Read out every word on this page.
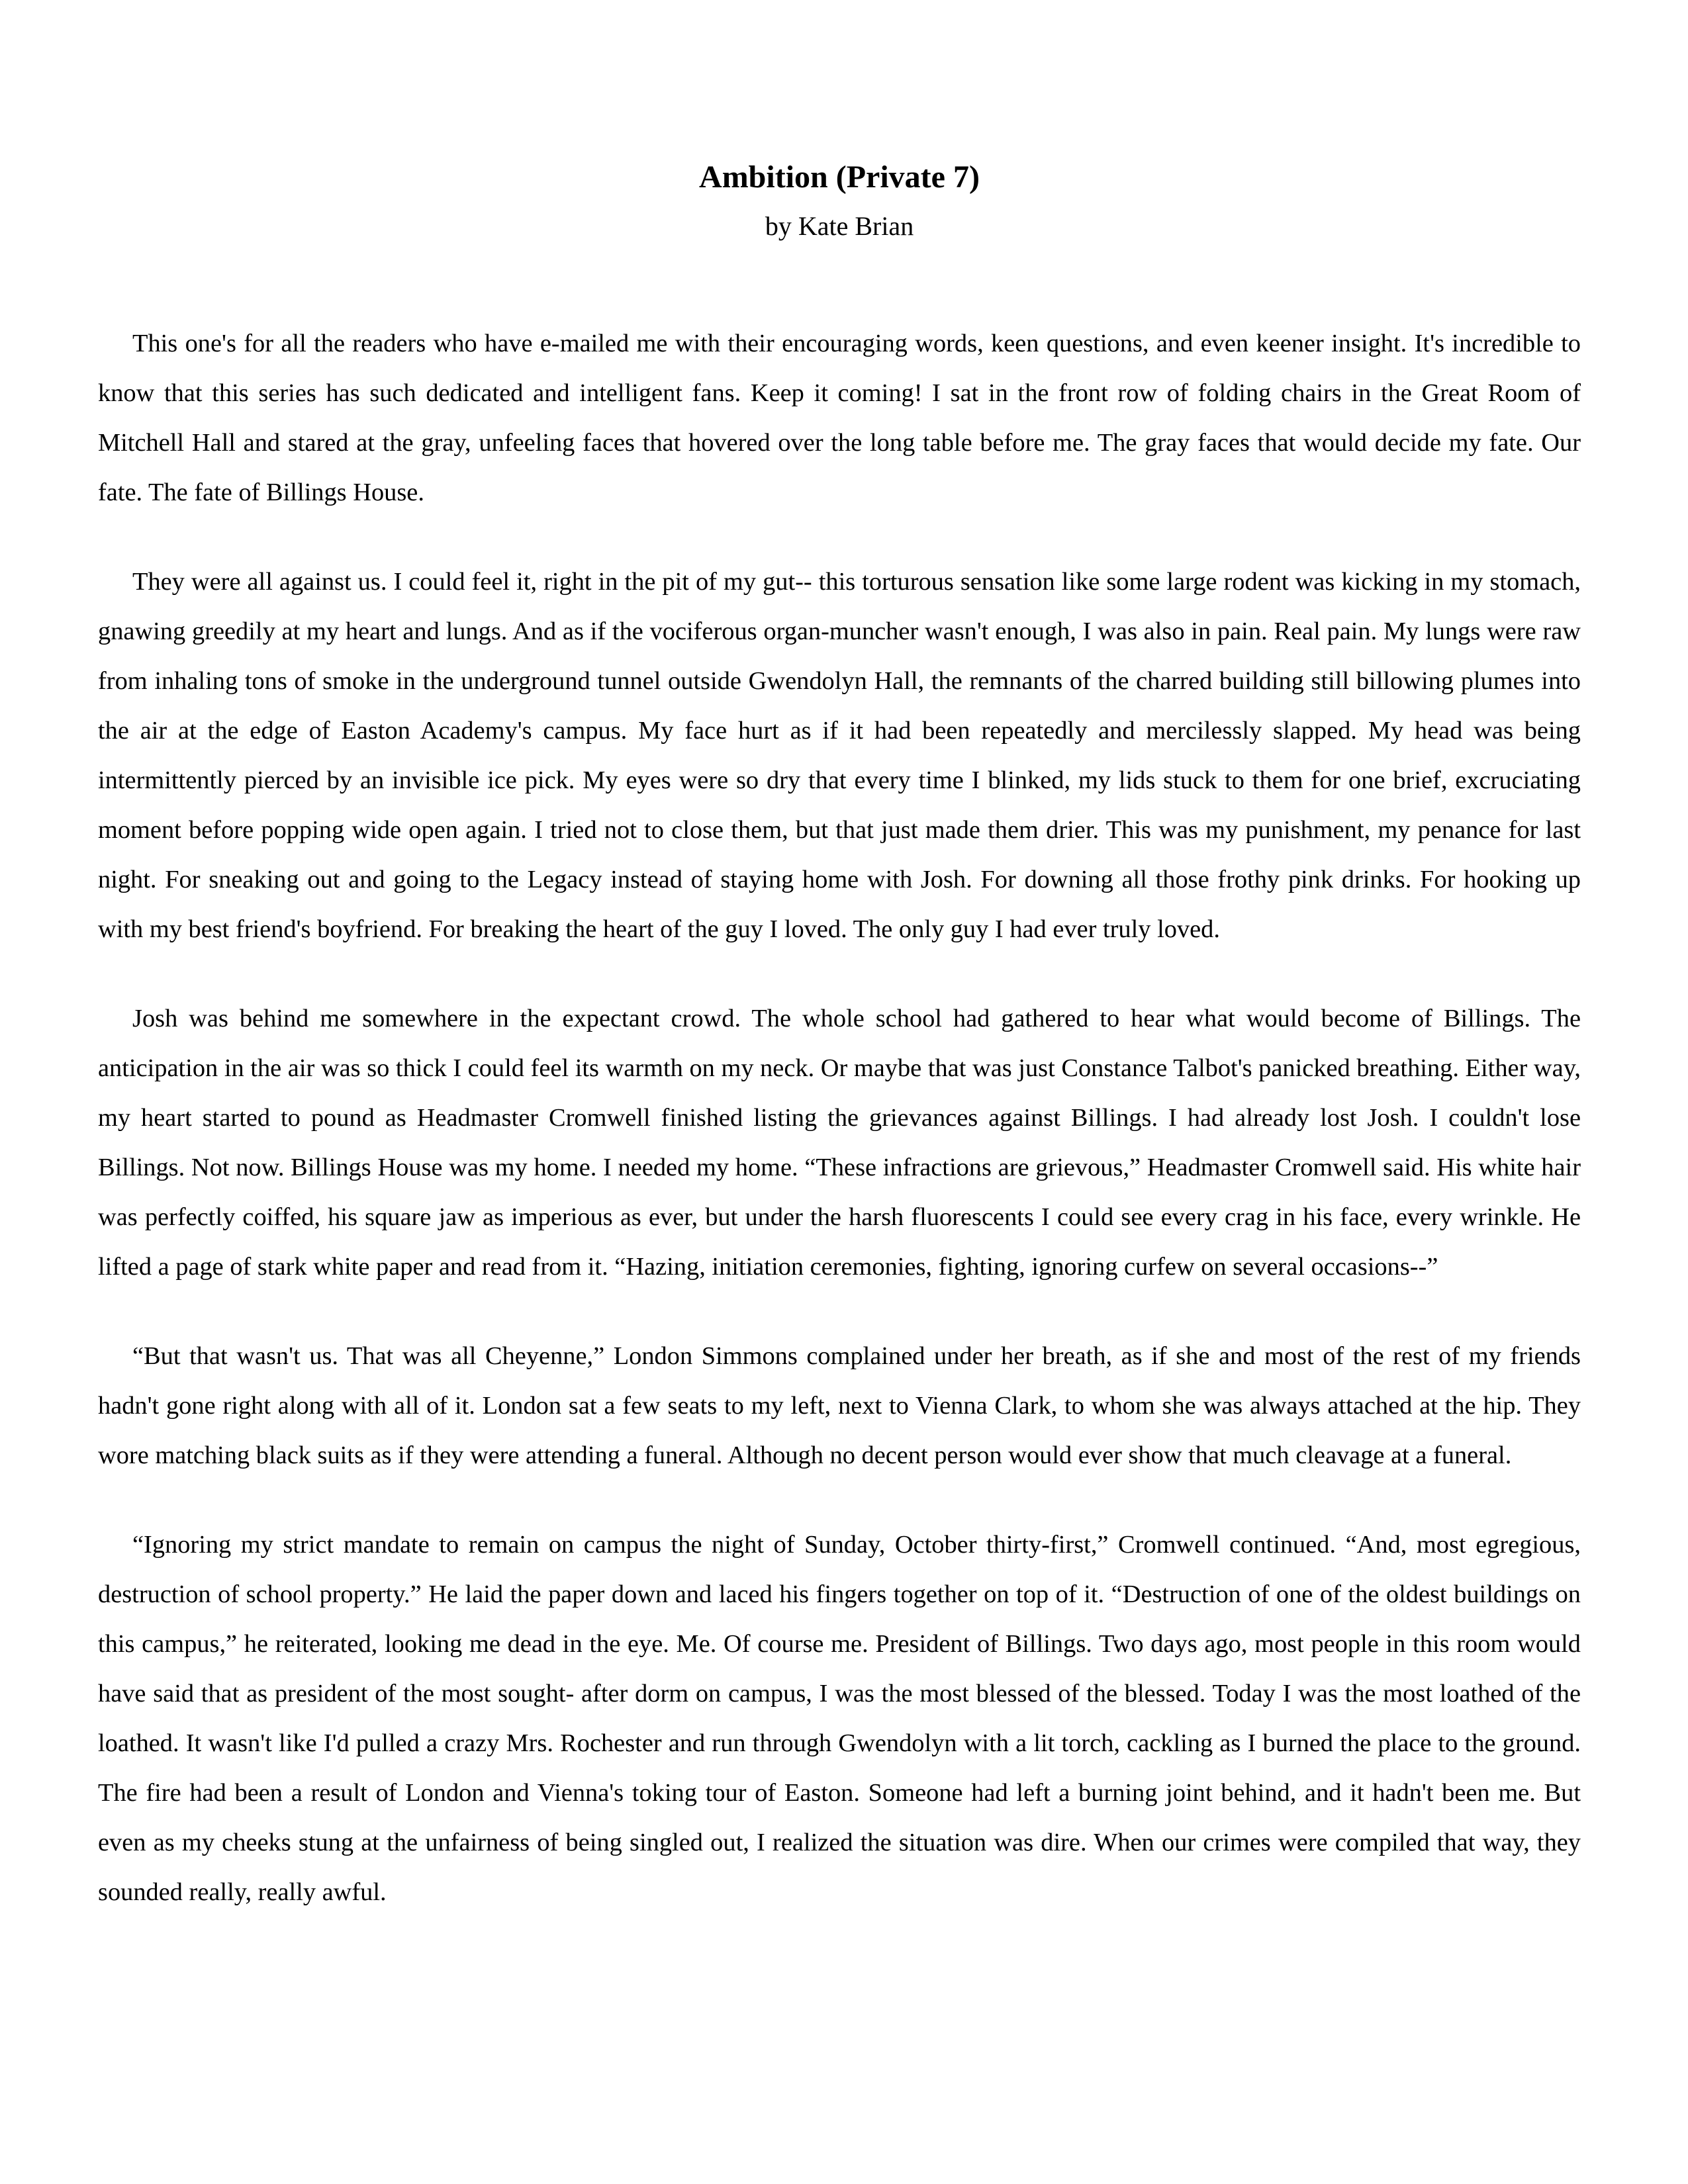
Ambition (Private 7)

by Kate Brian

This one's for all the readers who have e-mailed me with their encouraging words, keen questions, and even keener insight. It's incredible to know that this series has such dedicated and intelligent fans. Keep it coming! I sat in the front row of folding chairs in the Great Room of Mitchell Hall and stared at the gray, unfeeling faces that hovered over the long table before me. The gray faces that would decide my fate. Our fate. The fate of Billings House.

They were all against us. I could feel it, right in the pit of my gut-- this torturous sensation like some large rodent was kicking in my stomach, gnawing greedily at my heart and lungs. And as if the vociferous organ-muncher wasn't enough, I was also in pain. Real pain. My lungs were raw from inhaling tons of smoke in the underground tunnel outside Gwendolyn Hall, the remnants of the charred building still billowing plumes into the air at the edge of Easton Academy's campus. My face hurt as if it had been repeatedly and mercilessly slapped. My head was being intermittently pierced by an invisible ice pick. My eyes were so dry that every time I blinked, my lids stuck to them for one brief, excruciating moment before popping wide open again. I tried not to close them, but that just made them drier. This was my punishment, my penance for last night. For sneaking out and going to the Legacy instead of staying home with Josh. For downing all those frothy pink drinks. For hooking up with my best friend's boyfriend. For breaking the heart of the guy I loved. The only guy I had ever truly loved.

Josh was behind me somewhere in the expectant crowd. The whole school had gathered to hear what would become of Billings. The anticipation in the air was so thick I could feel its warmth on my neck. Or maybe that was just Constance Talbot's panicked breathing. Either way, my heart started to pound as Headmaster Cromwell finished listing the grievances against Billings. I had already lost Josh. I couldn't lose Billings. Not now. Billings House was my home. I needed my home. “These infractions are grievous,” Headmaster Cromwell said. His white hair was perfectly coiffed, his square jaw as imperious as ever, but under the harsh fluorescents I could see every crag in his face, every wrinkle. He lifted a page of stark white paper and read from it. “Hazing, initiation ceremonies, fighting, ignoring curfew on several occasions--”

“But that wasn't us. That was all Cheyenne,” London Simmons complained under her breath, as if she and most of the rest of my friends hadn't gone right along with all of it. London sat a few seats to my left, next to Vienna Clark, to whom she was always attached at the hip. They wore matching black suits as if they were attending a funeral. Although no decent person would ever show that much cleavage at a funeral.

“Ignoring my strict mandate to remain on campus the night of Sunday, October thirty-first,” Cromwell continued. “And, most egregious, destruction of school property.” He laid the paper down and laced his fingers together on top of it. “Destruction of one of the oldest buildings on this campus,” he reiterated, looking me dead in the eye. Me. Of course me. President of Billings. Two days ago, most people in this room would have said that as president of the most sought- after dorm on campus, I was the most blessed of the blessed. Today I was the most loathed of the loathed. It wasn't like I'd pulled a crazy Mrs. Rochester and run through Gwendolyn with a lit torch, cackling as I burned the place to the ground. The fire had been a result of London and Vienna's toking tour of Easton. Someone had left a burning joint behind, and it hadn't been me. But even as my cheeks stung at the unfairness of being singled out, I realized the situation was dire. When our crimes were compiled that way, they sounded really, really awful.
